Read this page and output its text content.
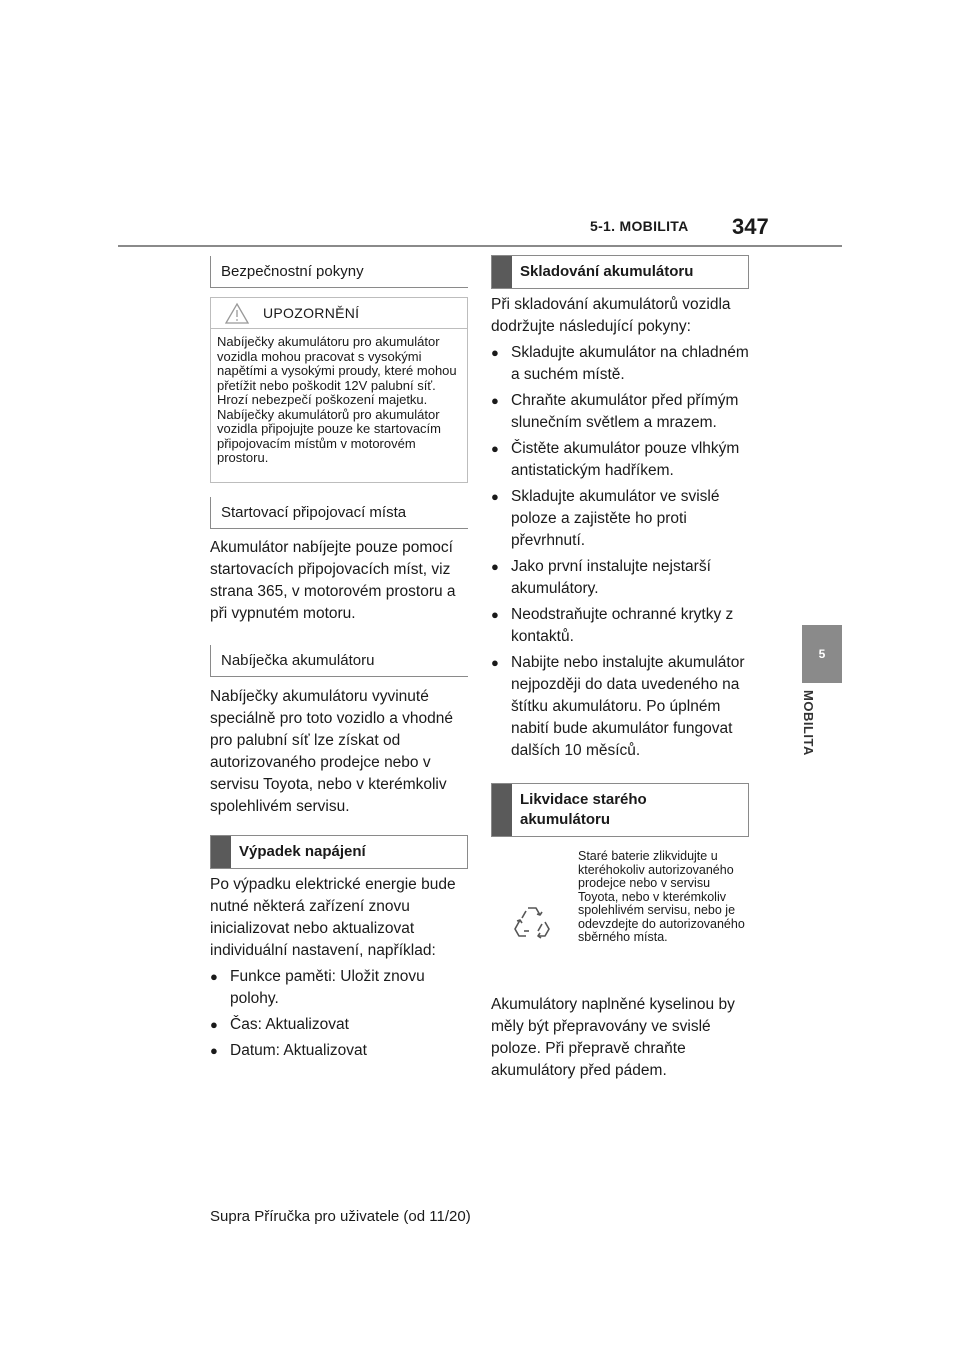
5-1. MOBILITA 347
5
MOBILITA
Bezpečnostní pokyny
UPOZORNĚNÍ
Nabíječky akumulátoru pro akumulátor vozidla mohou pracovat s vysokými napětími a vysokými proudy, které mohou přetížit nebo poškodit 12V palubní síť. Hrozí nebezpečí poškození majetku. Nabíječky akumulátorů pro akumulátor vozidla připojujte pouze ke startovacím připojovacím místům v motorovém prostoru.
Startovací připojovací místa

Akumulátor nabíjejte pouze pomocí startovacích připojovacích míst, viz strana 365, v motorovém prostoru a při vypnutém motoru.

Nabíječka akumulátoru

Nabíječky akumulátoru vyvinuté speciálně pro toto vozidlo a vhodné pro palubní síť lze získat od autorizovaného prodejce nebo v servisu Toyota, nebo v kterémkoliv spolehlivém servisu.

Výpadek napájení

Po výpadku elektrické energie bude nutné některá zařízení znovu inicializovat nebo aktualizovat individuální nastavení, například:

● Funkce paměti: Uložit znovu polohy.
● Čas: Aktualizovat
● Datum: Aktualizovat
Skladování akumulátoru

Při skladování akumulátorů vozidla dodržujte následující pokyny:

● Skladujte akumulátor na chladném a suchém místě.
● Chraňte akumulátor před přímým slunečním světlem a mrazem.
● Čistěte akumulátor pouze vlhkým antistatickým hadříkem.
● Skladujte akumulátor ve svislé poloze a zajistěte ho proti převrhnutí.
● Jako první instalujte nejstarší akumulátory.
● Neodstraňujte ochranné krytky z kontaktů.
● Nabijte nebo instalujte akumulátor nejpozději do data uvedeného na štítku akumulátoru. Po úplném nabití bude akumulátor fungovat dalších 10 měsíců.
Likvidace starého akumulátoru
Staré baterie zlikvidujte u kteréhokoliv autorizovaného prodejce nebo v servisu Toyota, nebo v kterémkoliv spolehlivém servisu, nebo je odevzdejte do autorizovaného sběrného místa.

Akumulátory naplněné kyselinou by měly být přepravovány ve svislé poloze. Při přepravě chraňte akumulátory před pádem.

Supra Příručka pro uživatele (od 11/20)
